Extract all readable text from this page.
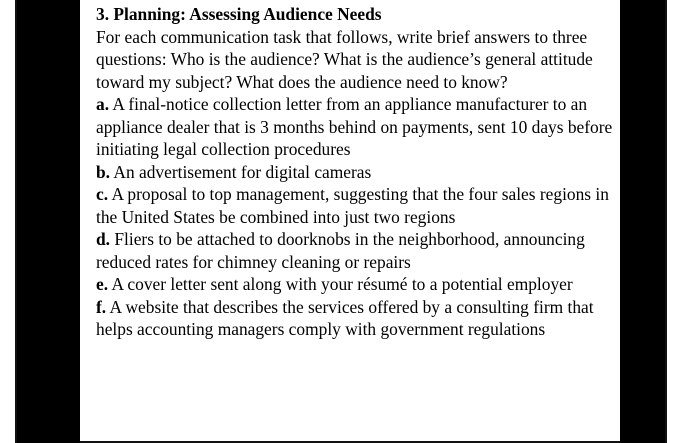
3. Planning: Assessing Audience Needs

For each communication task that follows, write brief answers to three questions: Who is the audience? What is the audience’s general attitude toward my subject? What does the audience need to know?

a. A final-notice collection letter from an appliance manufacturer to an appliance dealer that is 3 months behind on payments, sent 10 days before initiating legal collection procedures

b. An advertisement for digital cameras

c. A proposal to top management, suggesting that the four sales regions in the United States be combined into just two regions

d. Fliers to be attached to doorknobs in the neighborhood, announcing reduced rates for chimney cleaning or repairs

e. A cover letter sent along with your résumé to a potential employer

f. A website that describes the services offered by a consulting firm that helps accounting managers comply with government regulations
